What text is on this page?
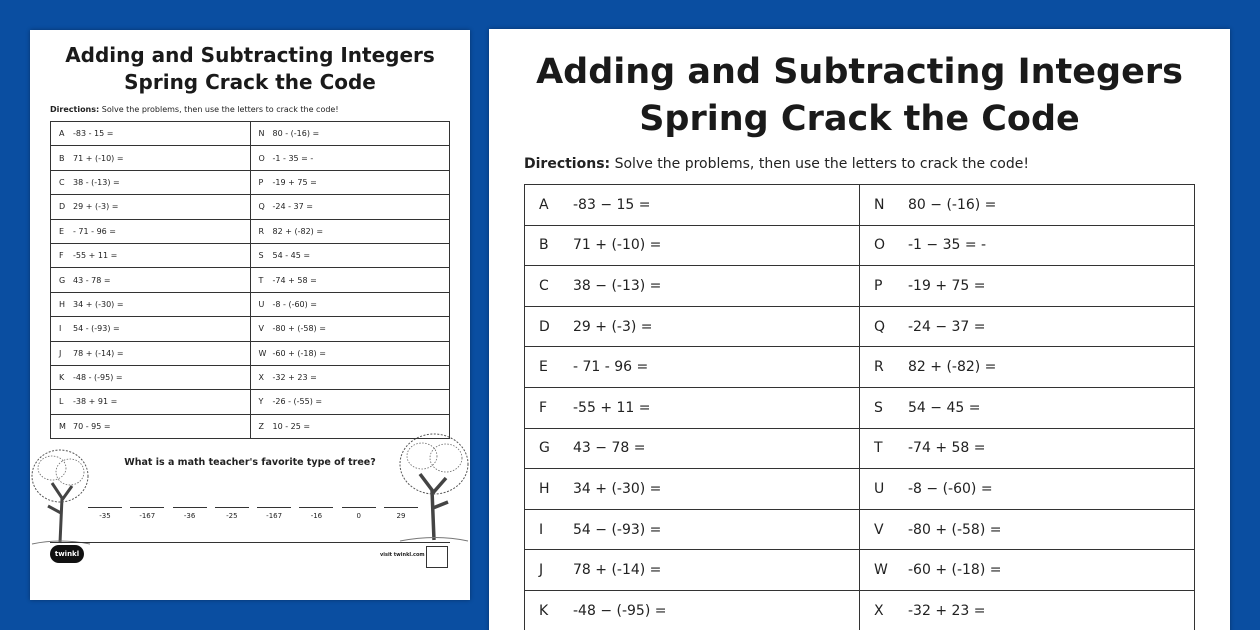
Adding and Subtracting Integers
Spring Crack the Code
Directions: Solve the problems, then use the letters to crack the code!
A -83 - 15 =	N 80 - (-16) =
B 71 + (-10) =	O -1 - 35 = -
C 38 - (-13) =	P -19 + 75 =
D 29 + (-3) =	Q -24 - 37 =
E - 71 - 96 =	R 82 + (-82) =
F -55 + 11 =	S 54 - 45 =
G 43 - 78 =	T -74 + 58 =
H 34 + (-30) =	U -8 - (-60) =
I 54 - (-93) =	V -80 + (-58) =
J 78 + (-14) =	W -60 + (-18) =
K -48 - (-95) =	X -32 + 23 =
L -38 + 91 =	Y -26 - (-55) =
M 70 - 95 =	Z 10 - 25 =
What is a math teacher's favorite type of tree?
-35	-167	-36	-25	-167	-16	0	29
twinkl	visit twinkl.com
Adding and Subtracting Integers
Spring Crack the Code
Directions: Solve the problems, then use the letters to crack the code!
A -83 − 15 =	N 80 − (-16) =
B 71 + (-10) =	O -1 − 35 = -
C 38 − (-13) =	P -19 + 75 =
D 29 + (-3) =	Q -24 − 37 =
E - 71 - 96 =	R 82 + (-82) =
F -55 + 11 =	S 54 − 45 =
G 43 − 78 =	T -74 + 58 =
H 34 + (-30) =	U -8 − (-60) =
I 54 − (-93) =	V -80 + (-58) =
J 78 + (-14) =	W -60 + (-18) =
K -48 − (-95) =	X -32 + 23 =
